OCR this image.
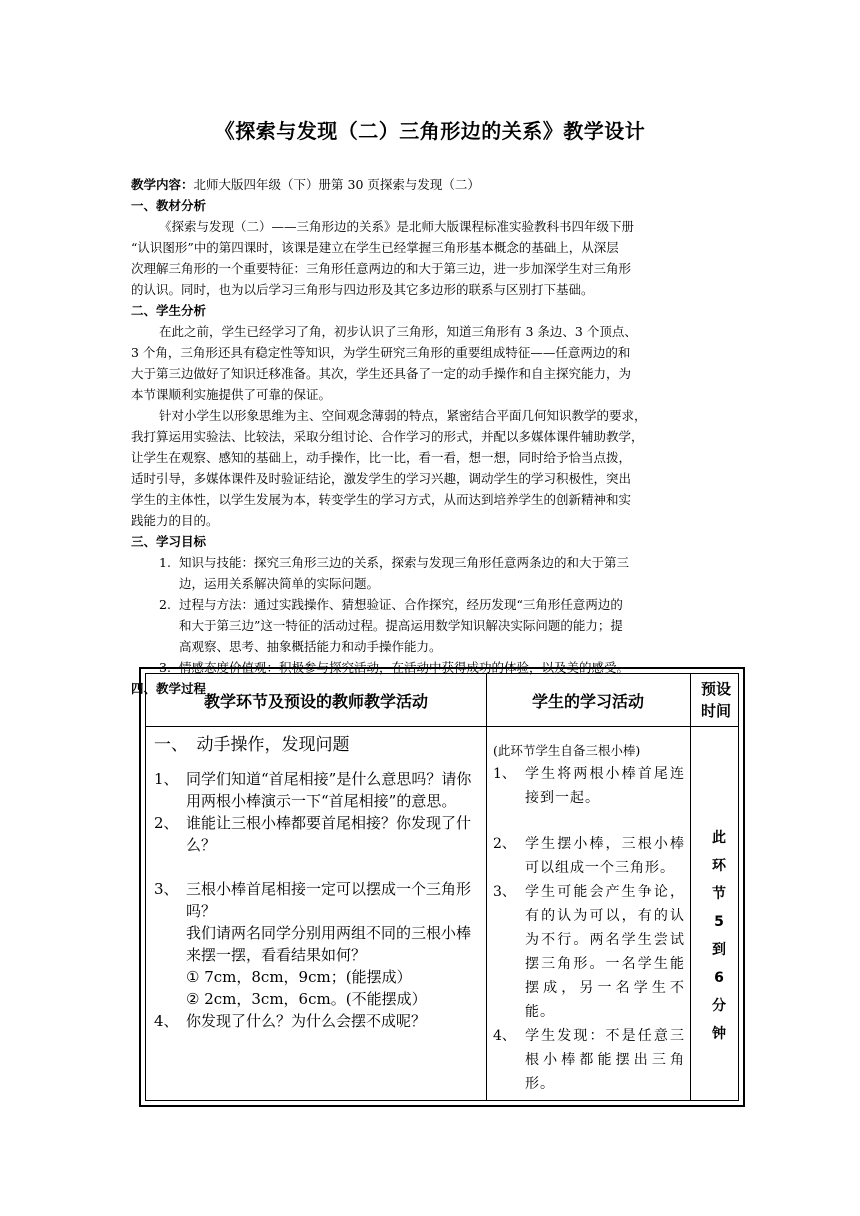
《探索与发现（二）三角形边的关系》教学设计
教学内容：北师大版四年级（下）册第 30 页探索与发现（二）
一、教材分析
《探索与发现（二）——三角形边的关系》是北师大版课程标准实验教科书四年级下册
“认识图形”中的第四课时，该课是建立在学生已经掌握三角形基本概念的基础上，从深层
次理解三角形的一个重要特征：三角形任意两边的和大于第三边，进一步加深学生对三角形
的认识。同时，也为以后学习三角形与四边形及其它多边形的联系与区别打下基础。
二、学生分析
在此之前，学生已经学习了角，初步认识了三角形，知道三角形有 3 条边、3 个顶点、
3 个角，三角形还具有稳定性等知识，为学生研究三角形的重要组成特征——任意两边的和
大于第三边做好了知识迁移准备。其次，学生还具备了一定的动手操作和自主探究能力，为
本节课顺利实施提供了可靠的保证。
针对小学生以形象思维为主、空间观念薄弱的特点，紧密结合平面几何知识教学的要求，
我打算运用实验法、比较法，采取分组讨论、合作学习的形式，并配以多媒体课件辅助教学，
让学生在观察、感知的基础上，动手操作，比一比，看一看，想一想，同时给予恰当点拨，
适时引导，多媒体课件及时验证结论，激发学生的学习兴趣，调动学生的学习积极性，突出
学生的主体性，以学生发展为本，转变学生的学习方式，从而达到培养学生的创新精神和实
践能力的目的。
三、学习目标
1. 知识与技能：探究三角形三边的关系，探索与发现三角形任意两条边的和大于第三
边，运用关系解决简单的实际问题。
2. 过程与方法：通过实践操作、猜想验证、合作探究，经历发现“三角形任意两边的
和大于第三边”这一特征的活动过程。提高运用数学知识解决实际问题的能力；提
高观察、思考、抽象概括能力和动手操作能力。
3. 情感态度价值观：积极参与探究活动，在活动中获得成功的体验，以及美的感受。
四、教学过程
教学环节及预设的教师教学活动	学生的学习活动
预设
时间
一、　动手操作，发现问题
1、 同学们知道“首尾相接”是什么意思吗？请你用两根小棒演示一下“首尾相接”的意思。
2、 谁能让三根小棒都要首尾相接？你发现了什么？
3、 三根小棒首尾相接一定可以摆成一个三角形吗？
我们请两名同学分别用两组不同的三根小棒来摆一摆，看看结果如何？
① 7cm，8cm，9cm；(能摆成）
② 2cm，3cm，6cm。(不能摆成）
4、 你发现了什么？为什么会摆不成呢？
(此环节学生自备三根小棒)
1、 学生将两根小棒首尾连接到一起。
2、 学生摆小棒，三根小棒可以组成一个三角形。
3、 学生可能会产生争论，有的认为可以，有的认为不行。两名学生尝试摆三角形。一名学生能摆成，另一名学生不能。
4、 学生发现：不是任意三根小棒都能摆出三角形。
此
环
节
5
到
6
分
钟
